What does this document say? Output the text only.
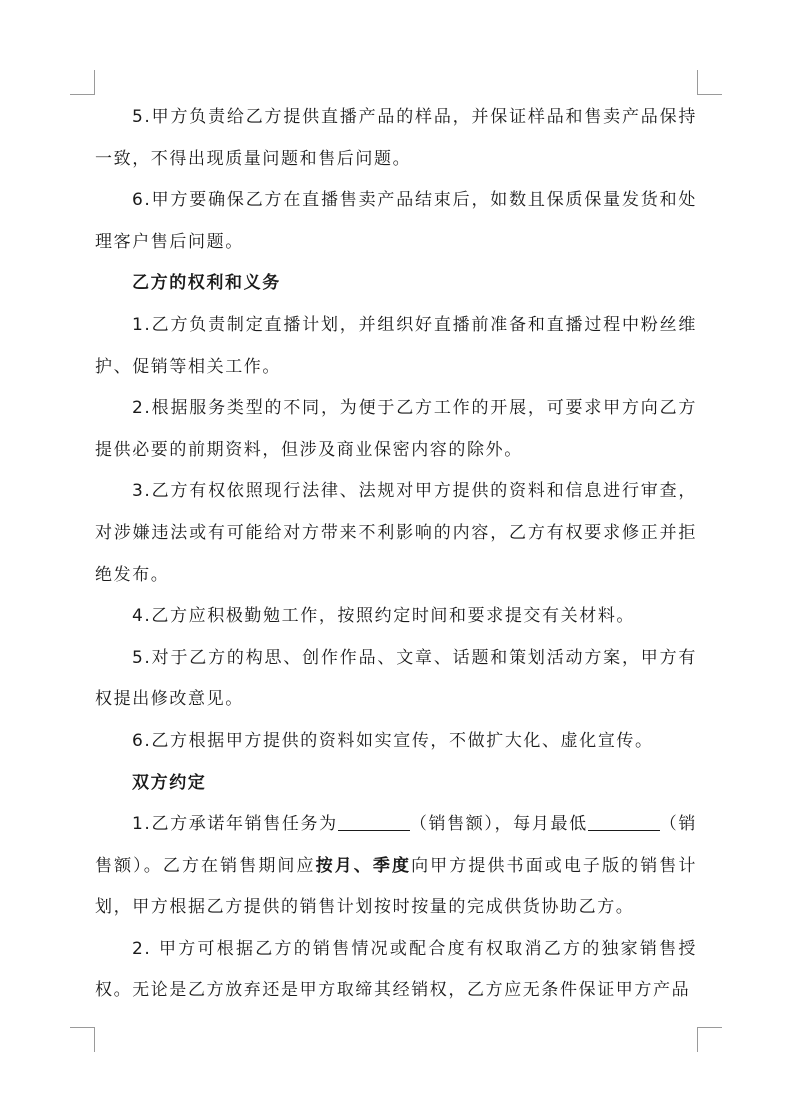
5.甲方负责给乙方提供直播产品的样品，并保证样品和售卖产品保持一致，不得出现质量问题和售后问题。

6.甲方要确保乙方在直播售卖产品结束后，如数且保质保量发货和处理客户售后问题。

乙方的权利和义务

1.乙方负责制定直播计划，并组织好直播前准备和直播过程中粉丝维护、促销等相关工作。

2.根据服务类型的不同，为便于乙方工作的开展，可要求甲方向乙方提供必要的前期资料，但涉及商业保密内容的除外。

3.乙方有权依照现行法律、法规对甲方提供的资料和信息进行审查，对涉嫌违法或有可能给对方带来不利影响的内容，乙方有权要求修正并拒绝发布。

4.乙方应积极勤勉工作，按照约定时间和要求提交有关材料。

5.对于乙方的构思、创作作品、文章、话题和策划活动方案，甲方有权提出修改意见。

6.乙方根据甲方提供的资料如实宣传，不做扩大化、虚化宣传。

双方约定

1.乙方承诺年销售任务为	（销售额），每月最低	（销售额）。乙方在销售期间应按月、季度向甲方提供书面或电子版的销售计划，甲方根据乙方提供的销售计划按时按量的完成供货协助乙方。

2. 甲方可根据乙方的销售情况或配合度有权取消乙方的独家销售授权。无论是乙方放弃还是甲方取缔其经销权，乙方应无条件保证甲方产品
